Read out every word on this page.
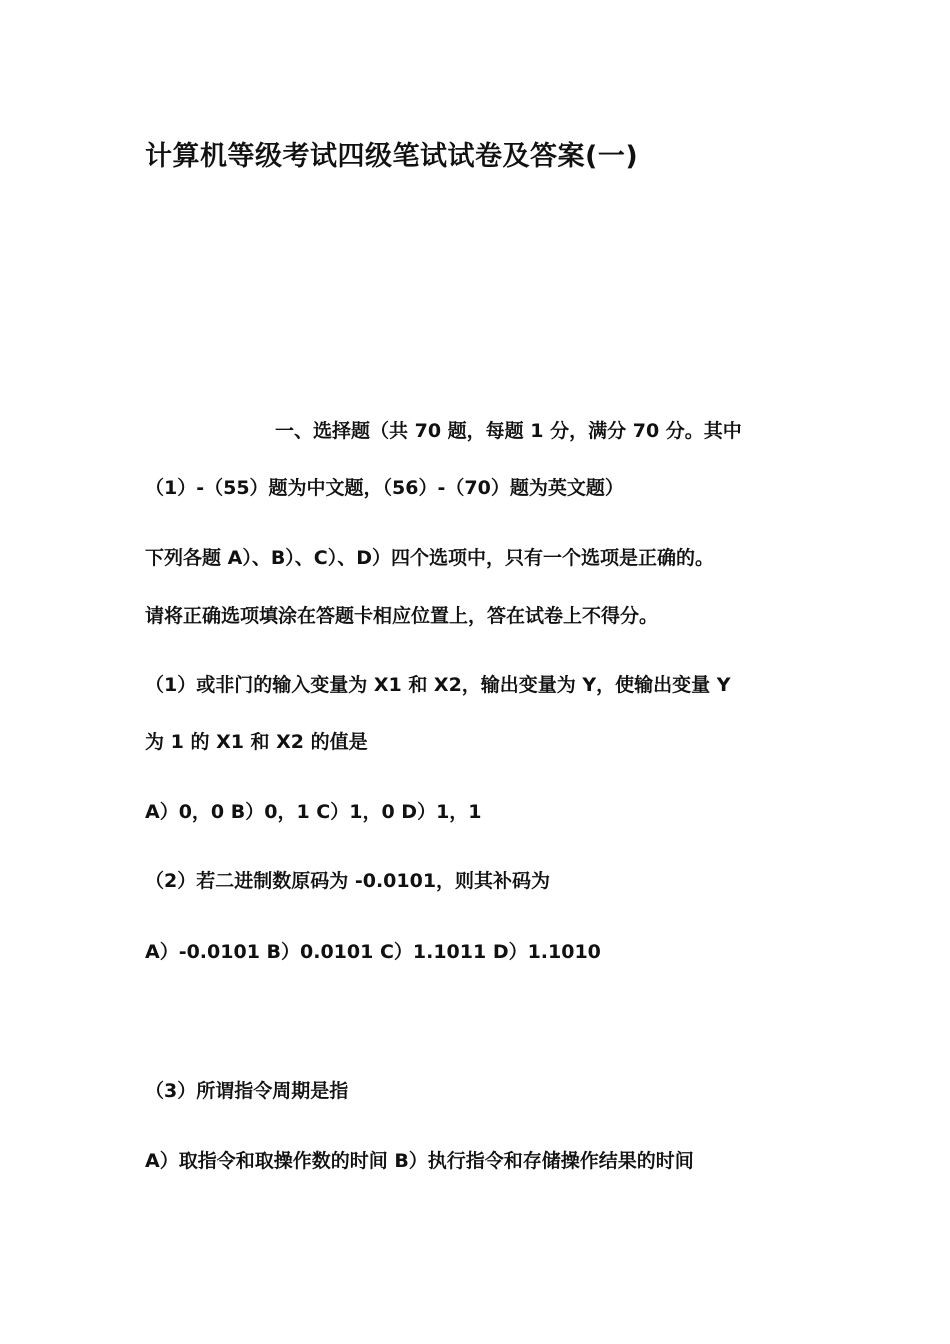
计算机等级考试四级笔试试卷及答案(一)

一、选择题（共 70 题，每题 1 分，满分 70 分。其中

（1）-（55）题为中文题，（56）-（70）题为英文题）

下列各题 A）、B）、C）、D）四个选项中，只有一个选项是正确的。

请将正确选项填涂在答题卡相应位置上，答在试卷上不得分。

（1）或非门的输入变量为 X1 和 X2，输出变量为 Y，使输出变量 Y

为 1 的 X1 和 X2 的值是

A）0，0 B）0，1 C）1，0 D）1，1

（2）若二进制数原码为 -0.0101，则其补码为

A）-0.0101 B）0.0101 C）1.1011 D）1.1010

（3）所谓指令周期是指

A）取指令和取操作数的时间 B）执行指令和存储操作结果的时间
